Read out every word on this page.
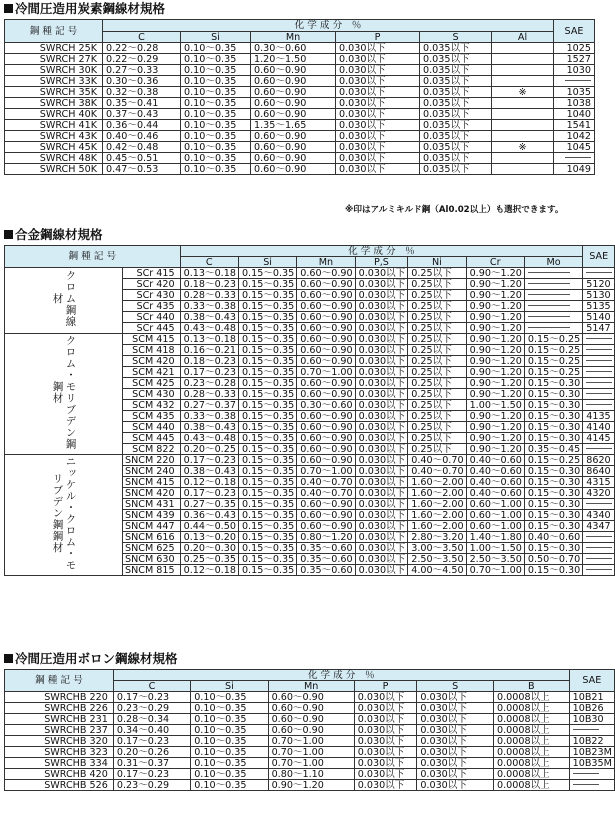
冷間圧造用炭素鋼線材規格
鋼 種 記 号	化 学 成 分　％						SAE
	C	Si	Mn	P	S	Al	
SWRCH 25K	0.22～0.28	0.10～0.35	0.30～0.60	0.030以下	0.035以下		1025
SWRCH 27K	0.22～0.29	0.10～0.35	1.20～1.50	0.030以下	0.035以下		1527
SWRCH 30K	0.27～0.33	0.10～0.35	0.60～0.90	0.030以下	0.035以下		1030
SWRCH 33K	0.30～0.36	0.10～0.35	0.60～0.90	0.030以下	0.035以下		
SWRCH 35K	0.32～0.38	0.10～0.35	0.60～0.90	0.030以下	0.035以下	※	1035
SWRCH 38K	0.35～0.41	0.10～0.35	0.60～0.90	0.030以下	0.035以下		1038
SWRCH 40K	0.37～0.43	0.10～0.35	0.60～0.90	0.030以下	0.035以下		1040
SWRCH 41K	0.36～0.44	0.10～0.35	1.35～1.65	0.030以下	0.035以下		1541
SWRCH 43K	0.40～0.46	0.10～0.35	0.60～0.90	0.030以下	0.035以下		1042
SWRCH 45K	0.42～0.48	0.10～0.35	0.60～0.90	0.030以下	0.035以下	※	1045
SWRCH 48K	0.45～0.51	0.10～0.35	0.60～0.90	0.030以下	0.035以下		
SWRCH 50K	0.47～0.53	0.10～0.35	0.60～0.90	0.030以下	0.035以下		1049
※印はアルミキルド鋼（Al0.02以上）も選択できます。
合金鋼線材規格
鋼 種 記 号		化 学 成 分　％							SAE
		C	Si	Mn	P,S	Ni	Cr	Mo	
クロム鋼線材	SCr 415	0.13～0.18	0.15～0.35	0.60～0.90	0.030以下	0.25以下	0.90～1.20		
	SCr 420	0.18～0.23	0.15～0.35	0.60～0.90	0.030以下	0.25以下	0.90～1.20		5120
	SCr 430	0.28～0.33	0.15～0.35	0.60～0.90	0.030以下	0.25以下	0.90～1.20		5130
	SCr 435	0.33～0.38	0.15～0.35	0.60～0.90	0.030以下	0.25以下	0.90～1.20		5135
	SCr 440	0.38～0.43	0.15～0.35	0.60～0.90	0.030以下	0.25以下	0.90～1.20		5140
	SCr 445	0.43～0.48	0.15～0.35	0.60～0.90	0.030以下	0.25以下	0.90～1.20		5147
クロム・モリブデン鋼鋼材	SCM 415	0.13～0.18	0.15～0.35	0.60～0.90	0.030以下	0.25以下	0.90～1.20	0.15～0.25	
	SCM 418	0.16～0.21	0.15～0.35	0.60～0.90	0.030以下	0.25以下	0.90～1.20	0.15～0.25	
	SCM 420	0.18～0.23	0.15～0.35	0.60～0.90	0.030以下	0.25以下	0.90～1.20	0.15～0.25	
	SCM 421	0.17～0.23	0.15～0.35	0.70～1.00	0.030以下	0.25以下	0.90～1.20	0.15～0.25	
	SCM 425	0.23～0.28	0.15～0.35	0.60～0.90	0.030以下	0.25以下	0.90～1.20	0.15～0.30	
	SCM 430	0.28～0.33	0.15～0.35	0.60～0.90	0.030以下	0.25以下	0.90～1.20	0.15～0.30	
	SCM 432	0.27～0.37	0.15～0.35	0.30～0.60	0.030以下	0.25以下	1.00～1.50	0.15～0.30	
	SCM 435	0.33～0.38	0.15～0.35	0.60～0.90	0.030以下	0.25以下	0.90～1.20	0.15～0.30	4135
	SCM 440	0.38～0.43	0.15～0.35	0.60～0.90	0.030以下	0.25以下	0.90～1.20	0.15～0.30	4140
	SCM 445	0.43～0.48	0.15～0.35	0.60～0.90	0.030以下	0.25以下	0.90～1.20	0.15～0.30	4145
	SCM 822	0.20～0.25	0.15～0.35	0.60～0.90	0.030以下	0.25以下	0.90～1.20	0.35～0.45	
ニッケル・クロム・モリブデン鋼鋼材	SNCM 220	0.17～0.23	0.15～0.35	0.60～0.90	0.030以下	0.40～0.70	0.40～0.60	0.15～0.25	8620
	SNCM 240	0.38～0.43	0.15～0.35	0.70～1.00	0.030以下	0.40～0.70	0.40～0.60	0.15～0.30	8640
	SNCM 415	0.12～0.18	0.15～0.35	0.40～0.70	0.030以下	1.60～2.00	0.40～0.60	0.15～0.30	4315
	SNCM 420	0.17～0.23	0.15～0.35	0.40～0.70	0.030以下	1.60～2.00	0.40～0.60	0.15～0.30	4320
	SNCM 431	0.27～0.35	0.15～0.35	0.60～0.90	0.030以下	1.60～2.00	0.60～1.00	0.15～0.30	
	SNCM 439	0.36～0.43	0.15～0.35	0.60～0.90	0.030以下	1.60～2.00	0.60～1.00	0.15～0.30	4340
	SNCM 447	0.44～0.50	0.15～0.35	0.60～0.90	0.030以下	1.60～2.00	0.60～1.00	0.15～0.30	4347
	SNCM 616	0.13～0.20	0.15～0.35	0.80～1.20	0.030以下	2.80～3.20	1.40～1.80	0.40～0.60	
	SNCM 625	0.20～0.30	0.15～0.35	0.35～0.60	0.030以下	3.00～3.50	1.00～1.50	0.15～0.30	
	SNCM 630	0.25～0.35	0.15～0.35	0.35～0.60	0.030以下	2.50～3.50	2.50～3.50	0.50～0.70	
	SNCM 815	0.12～0.18	0.15～0.35	0.35～0.60	0.030以下	4.00～4.50	0.70～1.00	0.15～0.30	
冷間圧造用ボロン鋼線材規格
鋼 種 記 号	化 学 成 分　％						SAE
	C	Si	Mn	P	S	B	
SWRCHB 220	0.17～0.23	0.10～0.35	0.60～0.90	0.030以下	0.030以下	0.0008以上	10B21
SWRCHB 226	0.23～0.29	0.10～0.35	0.60～0.90	0.030以下	0.030以下	0.0008以上	10B26
SWRCHB 231	0.28～0.34	0.10～0.35	0.60～0.90	0.030以下	0.030以下	0.0008以上	10B30
SWRCHB 237	0.34～0.40	0.10～0.35	0.60～0.90	0.030以下	0.030以下	0.0008以上	
SWRCHB 320	0.17～0.23	0.10～0.35	0.70～1.00	0.030以下	0.030以下	0.0008以上	10B22
SWRCHB 323	0.20～0.26	0.10～0.35	0.70～1.00	0.030以下	0.030以下	0.0008以上	10B23M
SWRCHB 334	0.31～0.37	0.10～0.35	0.70～1.00	0.030以下	0.030以下	0.0008以上	10B35M
SWRCHB 420	0.17～0.23	0.10～0.35	0.80～1.10	0.030以下	0.030以下	0.0008以上	
SWRCHB 526	0.23～0.29	0.10～0.35	0.90～1.20	0.030以下	0.030以下	0.0008以上	
